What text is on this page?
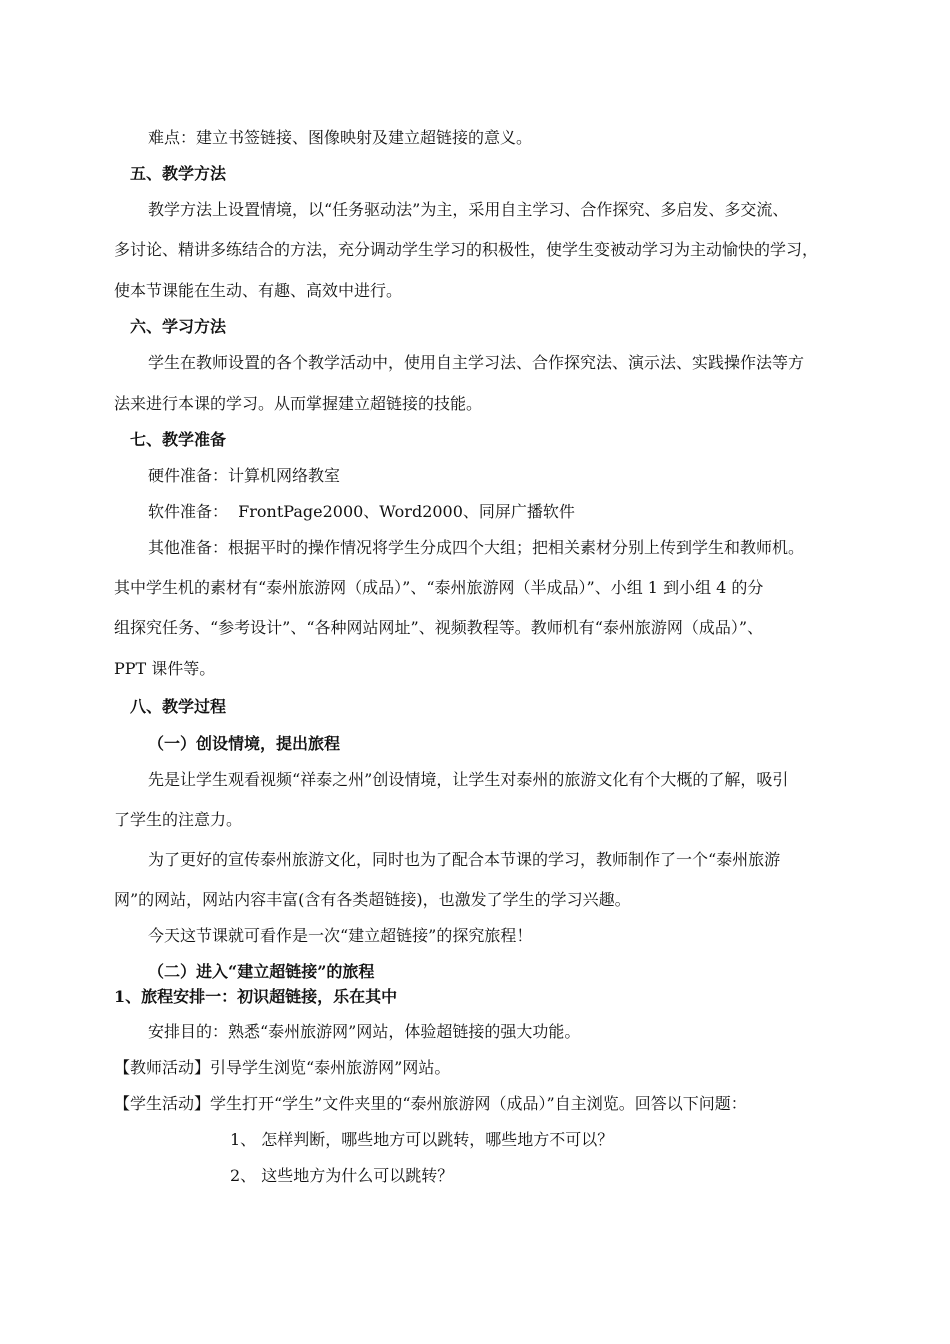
难点：建立书签链接、图像映射及建立超链接的意义。
五、教学方法
教学方法上设置情境，以“任务驱动法”为主，采用自主学习、合作探究、多启发、多交流、
多讨论、精讲多练结合的方法，充分调动学生学习的积极性，使学生变被动学习为主动愉快的学习，
使本节课能在生动、有趣、高效中进行。
六、学习方法
学生在教师设置的各个教学活动中，使用自主学习法、合作探究法、演示法、实践操作法等方
法来进行本课的学习。从而掌握建立超链接的技能。
七、教学准备
硬件准备：计算机网络教室
软件准备：  FrontPage2000、Word2000、同屏广播软件
其他准备：根据平时的操作情况将学生分成四个大组；把相关素材分别上传到学生和教师机。
其中学生机的素材有“泰州旅游网（成品）”、“泰州旅游网（半成品）”、小组 1 到小组 4 的分
组探究任务、“参考设计”、“各种网站网址”、视频教程等。教师机有“泰州旅游网（成品）”、
PPT 课件等。
八、教学过程
（一）创设情境，提出旅程
先是让学生观看视频“祥泰之州”创设情境，让学生对泰州的旅游文化有个大概的了解，吸引
了学生的注意力。
为了更好的宣传泰州旅游文化，同时也为了配合本节课的学习，教师制作了一个“泰州旅游
网”的网站，网站内容丰富(含有各类超链接)，也激发了学生的学习兴趣。
今天这节课就可看作是一次“建立超链接”的探究旅程！
（二）进入“建立超链接”的旅程
1、旅程安排一：初识超链接，乐在其中
安排目的：熟悉“泰州旅游网”网站，体验超链接的强大功能。
【教师活动】引导学生浏览“泰州旅游网”网站。
【学生活动】学生打开“学生”文件夹里的“泰州旅游网（成品）”自主浏览。回答以下问题：
1、 怎样判断，哪些地方可以跳转，哪些地方不可以？
2、 这些地方为什么可以跳转？
